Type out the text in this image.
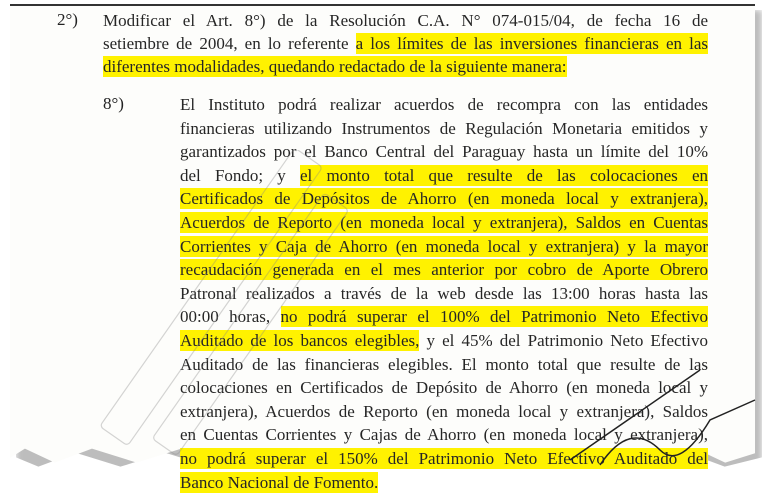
2°) Modificar el Art. 8°) de la Resolución C.A. N° 074-015/04, de fecha 16 de
setiembre de 2004, en lo referente a los límites de las inversiones financieras en las
diferentes modalidades, quedando redactado de la siguiente manera:
8°)	El Instituto podrá realizar acuerdos de recompra con las entidades
financieras utilizando Instrumentos de Regulación Monetaria emitidos y
garantizados por el Banco Central del Paraguay hasta un límite del 10%
del Fondo; y el monto total que resulte de las colocaciones en
Certificados de Depósitos de Ahorro (en moneda local y extranjera),
Acuerdos de Reporto (en moneda local y extranjera), Saldos en Cuentas
Corrientes y Caja de Ahorro (en moneda local y extranjera) y la mayor
recaudación generada en el mes anterior por cobro de Aporte Obrero
Patronal realizados a través de la web desde las 13:00 horas hasta las
00:00 horas, no podrá superar el 100% del Patrimonio Neto Efectivo
Auditado de los bancos elegibles, y el 45% del Patrimonio Neto Efectivo
Auditado de las financieras elegibles. El monto total que resulte de las
colocaciones en Certificados de Depósito de Ahorro (en moneda local y
extranjera), Acuerdos de Reporto (en moneda local y extranjera), Saldos
en Cuentas Corrientes y Cajas de Ahorro (en moneda local y extranjera),
no podrá superar el 150% del Patrimonio Neto Efectivo Auditado del
Banco Nacional de Fomento.
